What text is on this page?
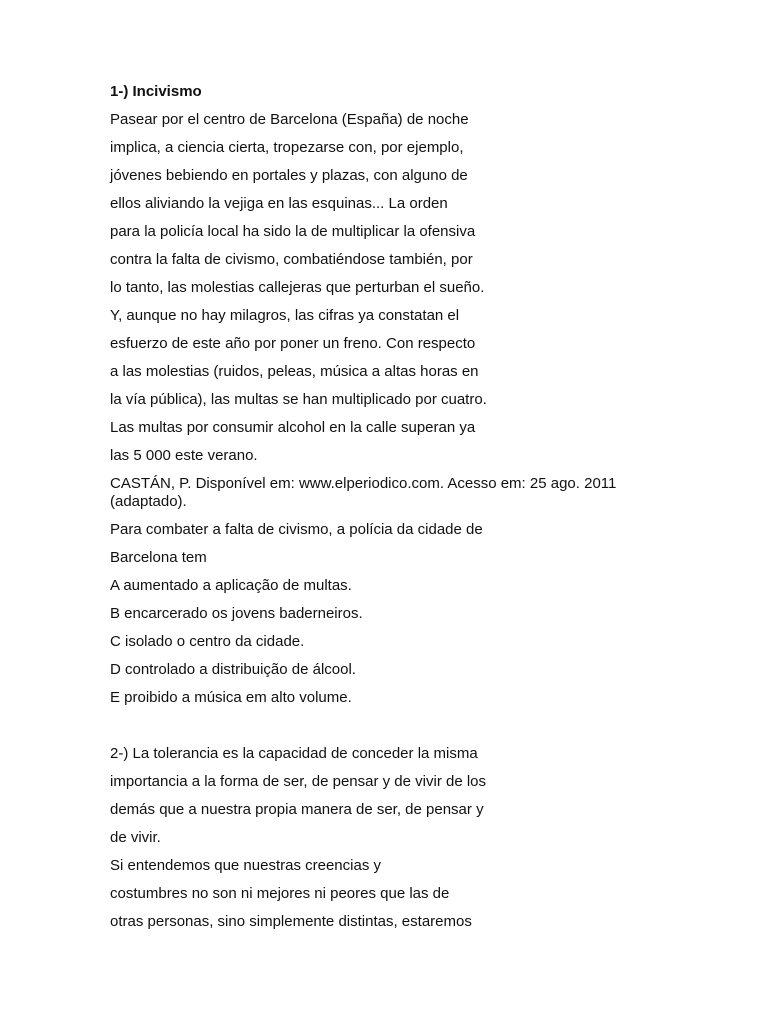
1-) Incivismo

Pasear por el centro de Barcelona (España) de noche

implica, a ciencia cierta, tropezarse con, por ejemplo,

jóvenes bebiendo en portales y plazas, con alguno de

ellos aliviando la vejiga en las esquinas... La orden

para la policía local ha sido la de multiplicar la ofensiva

contra la falta de civismo, combatiéndose también, por

lo tanto, las molestias callejeras que perturban el sueño.

Y, aunque no hay milagros, las cifras ya constatan el

esfuerzo de este año por poner un freno. Con respecto

a las molestias (ruidos, peleas, música a altas horas en

la vía pública), las multas se han multiplicado por cuatro.

Las multas por consumir alcohol en la calle superan ya

las 5 000 este verano.

CASTÁN, P. Disponível em: www.elperiodico.com. Acesso em: 25 ago. 2011 (adaptado).

Para combater a falta de civismo, a polícia da cidade de

Barcelona tem

A aumentado a aplicação de multas.

B encarcerado os jovens baderneiros.

C isolado o centro da cidade.

D controlado a distribuição de álcool.

E proibido a música em alto volume.

2-) La tolerancia es la capacidad de conceder la misma

importancia a la forma de ser, de pensar y de vivir de los

demás que a nuestra propia manera de ser, de pensar y

de vivir.

Si entendemos que nuestras creencias y

costumbres no son ni mejores ni peores que las de

otras personas, sino simplemente distintas, estaremos
